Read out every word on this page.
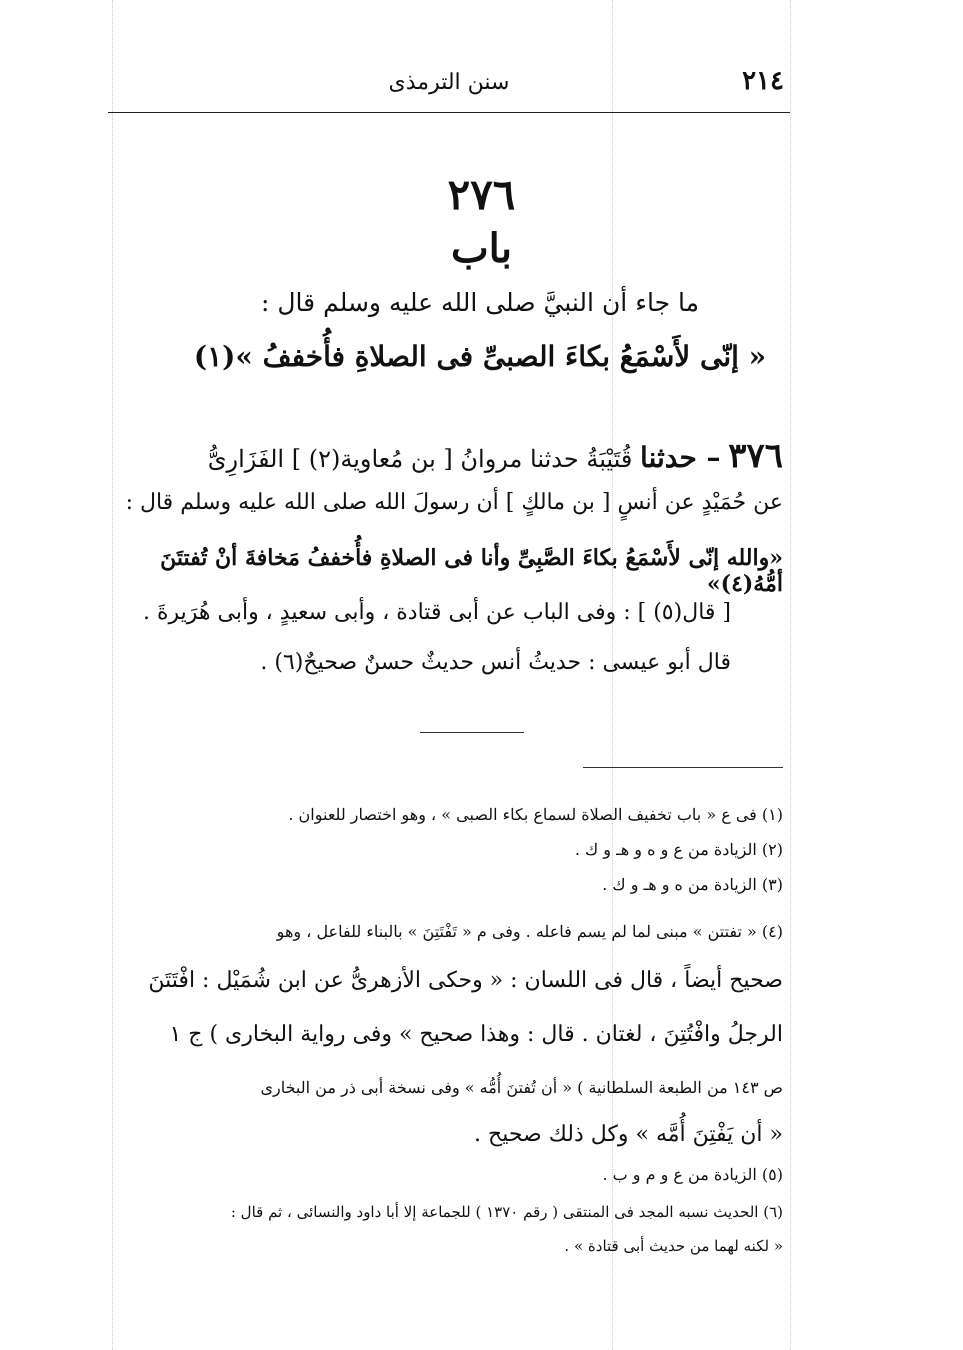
٢١٤
سنن الترمذى
٢٧٦
باب
ما جاء أن النبيَّ صلى الله عليه وسلم قال :
« إنّى لأَسْمَعُ بكاءَ الصبىِّ فى الصلاةِ فأُخففُ »(١)
٣٧٦ – حدثنا قُتَيْبَةُ حدثنا مروانُ [ بن مُعاوية(٢) ] الفَزَارِىُّ
عن حُمَيْدٍ عن أنسٍ [ بن مالكٍ ] أن رسولَ الله صلى الله عليه وسلم قال :
«والله إنّى لأَسْمَعُ بكاءَ الصَّبِىِّ وأنا فى الصلاةِ فأُخففُ مَخافةَ أنْ تُفتتَنَ أمُّهُ(٤)»
[ قال(٥) ] : وفى الباب عن أبى قتادة ، وأبى سعيدٍ ، وأبى هُرَيرةَ .
قال أبو عيسى : حديثُ أنس حديثٌ حسنٌ صحيحٌ(٦) .
(١) فى ع « باب تخفيف الصلاة لسماع بكاء الصبى » ، وهو اختصار للعنوان .
(٢) الزيادة من ع و ه و هـ و ك .
(٣) الزيادة من ه و هـ و ك .
(٤) « تفتتن » مبنى لما لم يسم فاعله . وفى م « تَفْتَتِنَ » بالبناء للفاعل ، وهو
صحيح أيضاً ، قال فى اللسان : « وحكى الأزهرىُّ عن ابن شُمَيْل : افْتَتَنَ
الرجلُ وافْتُتِنَ ، لغتان . قال : وهذا صحيح » وفى رواية البخارى ) ج ١
ص ١٤٣ من الطبعة السلطانية ) « أن تُفتنَ أُمُّه » وفى نسخة أبى ذر من البخارى
« أن يَفْتِنَ أُمَّه » وكل ذلك صحيح .
(٥) الزيادة من ع و م و ب .
(٦) الحديث نسبه المجد فى المنتقى ( رقم ١٣٧٠ ) للجماعة إلا أبا داود والنسائى ، ثم قال :
« لكنه لهما من حديث أبى قتادة » .
